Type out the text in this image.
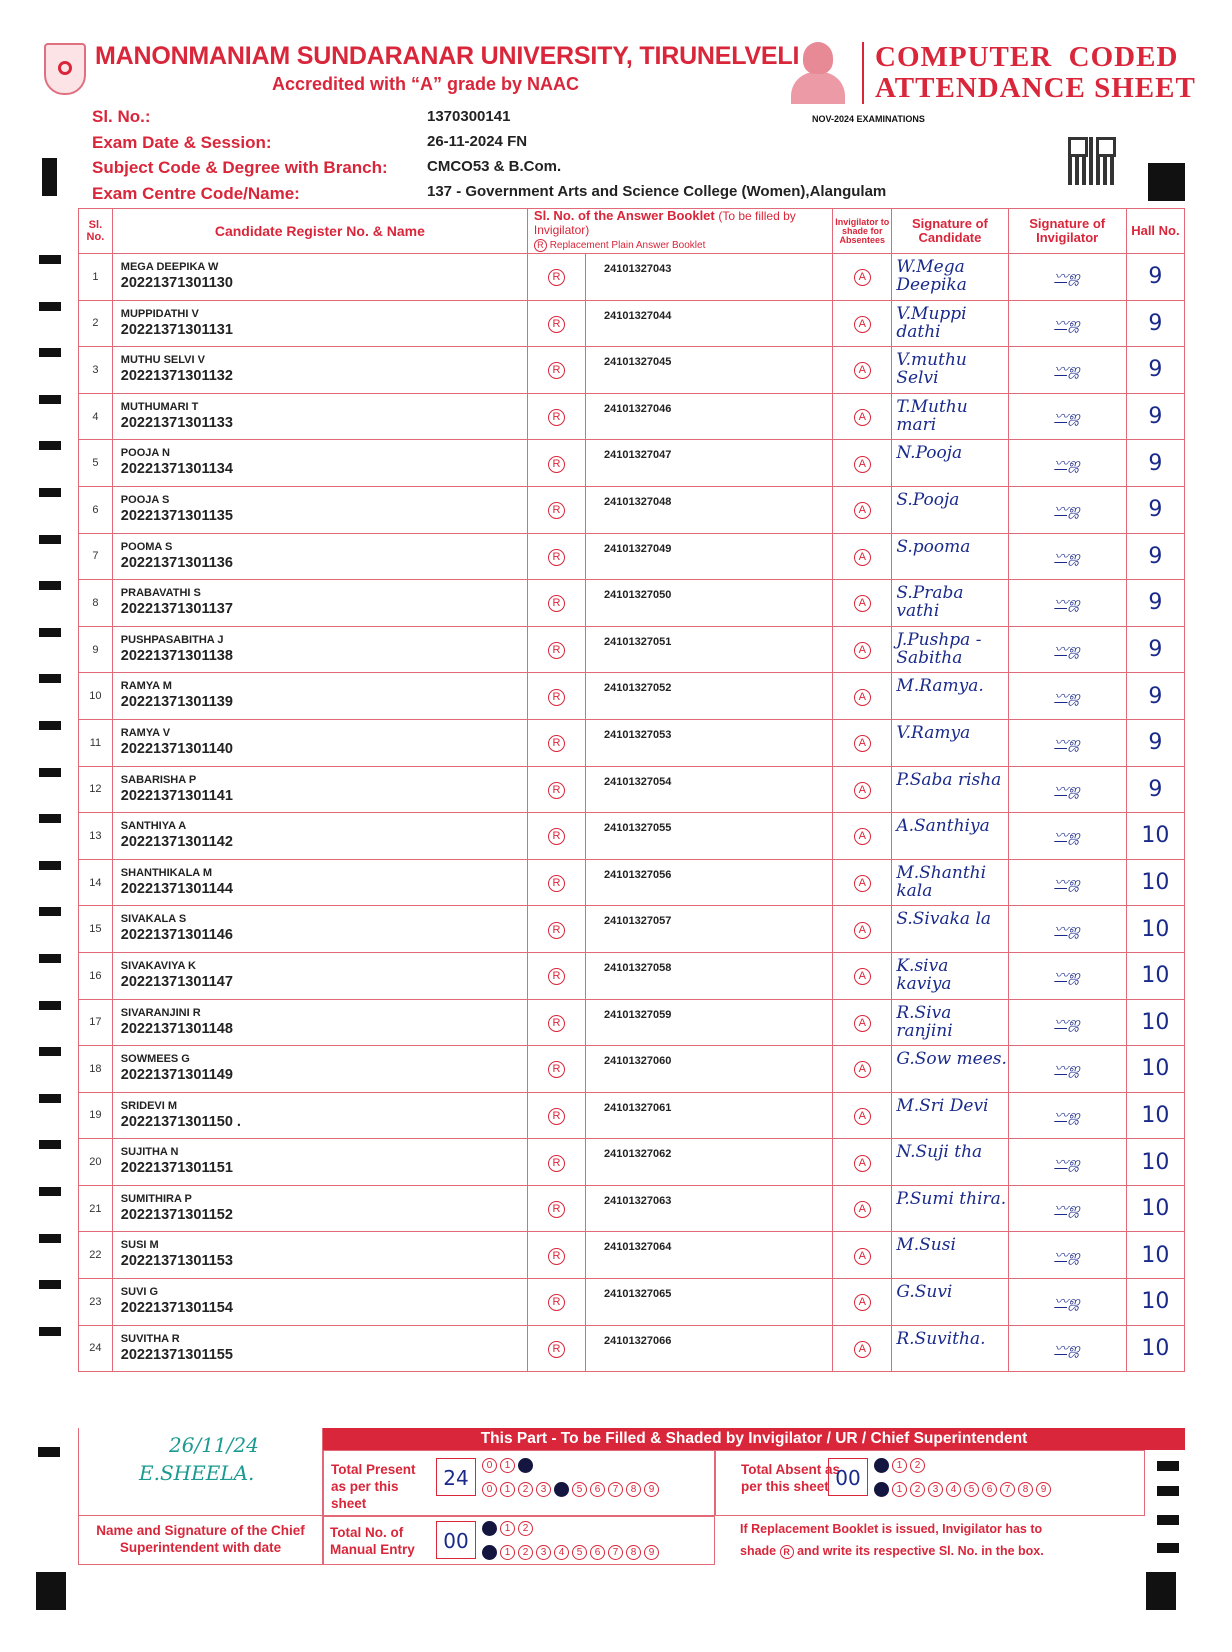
MANONMANIAM SUNDARANAR UNIVERSITY, TIRUNELVELI
Accredited with “A” grade by NAAC
COMPUTER  CODED
ATTENDANCE SHEET
NOV-2024 EXAMINATIONS
Sl. No.:	1370300141
Exam Date & Session:	26-11-2024 FN
Subject Code & Degree with Branch:	CMCO53 & B.Com.
Exam Centre Code/Name:	137 - Government Arts and Science College (Women),Alangulam
Sl. No.	Candidate Register No. & Name	Sl. No. of the Answer Booklet (To be filled by Invigilator)
R Replacement Plain Answer Booklet		Invigilator to shade for Absentees	Signature of Candidate	Signature of Invigilator	Hall No.
1	MEGA DEEPIKA W
20221371301130	R	24101327043	A	W.Mega Deepika	〰ஜ	9
2	MUPPIDATHI V
20221371301131	R	24101327044	A	V.Muppi dathi	〰ஜ	9
3	MUTHU SELVI V
20221371301132	R	24101327045	A	V.muthu Selvi	〰ஜ	9
4	MUTHUMARI T
20221371301133	R	24101327046	A	T.Muthu mari	〰ஜ	9
5	POOJA N
20221371301134	R	24101327047	A	N.Pooja	〰ஜ	9
6	POOJA S
20221371301135	R	24101327048	A	S.Pooja	〰ஜ	9
7	POOMA S
20221371301136	R	24101327049	A	S.pooma	〰ஜ	9
8	PRABAVATHI S
20221371301137	R	24101327050	A	S.Praba vathi	〰ஜ	9
9	PUSHPASABITHA J
20221371301138	R	24101327051	A	J.Pushpa -Sabitha	〰ஜ	9
10	RAMYA M
20221371301139	R	24101327052	A	M.Ramya.	〰ஜ	9
11	RAMYA V
20221371301140	R	24101327053	A	V.Ramya	〰ஜ	9
12	SABARISHA P
20221371301141	R	24101327054	A	P.Saba risha	〰ஜ	9
13	SANTHIYA A
20221371301142	R	24101327055	A	A.Santhiya	〰ஜ	10
14	SHANTHIKALA M
20221371301144	R	24101327056	A	M.Shanthi kala	〰ஜ	10
15	SIVAKALA S
20221371301146	R	24101327057	A	S.Sivaka la	〰ஜ	10
16	SIVAKAVIYA K
20221371301147	R	24101327058	A	K.siva kaviya	〰ஜ	10
17	SIVARANJINI R
20221371301148	R	24101327059	A	R.Siva ranjini	〰ஜ	10
18	SOWMEES G
20221371301149	R	24101327060	A	G.Sow mees.	〰ஜ	10
19	SRIDEVI M
20221371301150 .	R	24101327061	A	M.Sri Devi	〰ஜ	10
20	SUJITHA N
20221371301151	R	24101327062	A	N.Suji tha	〰ஜ	10
21	SUMITHIRA P
20221371301152	R	24101327063	A	P.Sumi thira.	〰ஜ	10
22	SUSI M
20221371301153	R	24101327064	A	M.Susi	〰ஜ	10
23	SUVI G
20221371301154	R	24101327065	A	G.Suvi	〰ஜ	10
24	SUVITHA R
20221371301155	R	24101327066	A	R.Suvitha.	〰ஜ	10
26/11/24
E.SHEELA.
Name and Signature of the Chief Superintendent with date
This Part - To be Filled & Shaded by Invigilator / UR / Chief Superintendent
Total Present as per this sheet
24
0	1
0	1	2	3	5	6	7	8	9
Total Absent as per this sheet 00
1	2
1	2	3	4	5	6	7	8	9
Total No. of Manual Entry	00
1	2
1	2	3	4	5	6	7	8	9
If Replacement Booklet is issued, Invigilator has to
shade R and write its respective Sl. No. in the box.
